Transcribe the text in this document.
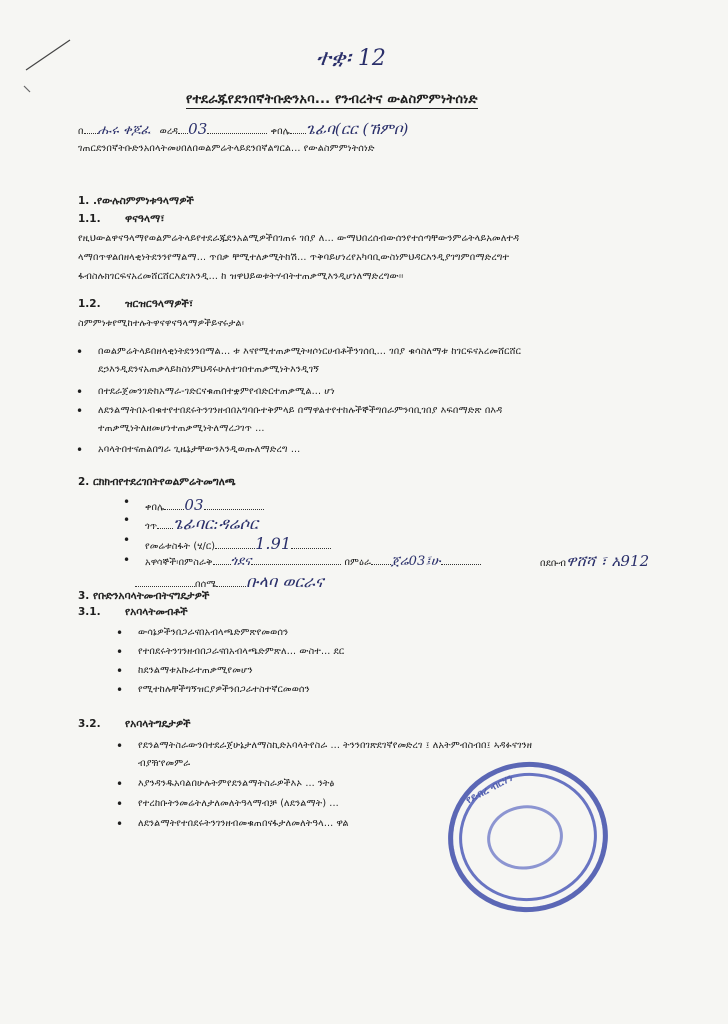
ተቋ፡ 12
የተደራጁየደንበኛትቡድንአባ... የንብረትና ውልስምምነትሰነድ
በ ሑሩ ቀጆፈ ወረዳ 03	ቀበሌ ጌፊባ(ርር (ኸምቦ)
ገጠርደንበኛትቡድንአበላትመሀበለበወልምሬትላይደንበኛልግርል... የውልስምምነትሰነድ
1. .የውሉስምምነቱዓላማዎች
1.1. ዋናዓላማ፣
የዚህውልዋናዓላማየወልምሬትላይየተደራጁደንአልሚዎችበገጠሩ ገበያ ለ... ውማህበረሰብውሰንየተሰጣቸውንምሬትላይአመለተዳ
ላማበጥዋልበዘላቂነትደንንየማልማ... ጥበቃ ቸሚተለቃሚትከሽ... ጥቅባይሆነረየአካባቢውስነምህዳርእንዲያገግምበማድረግተ
ፋብስሉክገርፍናአረመሸርሸርእደገእንዲ... ከ ዝዋህይወቱትሃብትተጠቃሚእንዲሆነለማድረግው፡፡
1.2. ዝርዝርዓላማዎች፣
ስምምነቱየሚከተሉትዋናዋናዓላማዎችይኖሩታል፡
• በወልምሬትላይበዘላቂነትደንንበማል... ቱ እናየሚተጠቃሚትዛሶነርሀብቶችንገሰቢ... ገበያ ቁሳስለማቱ ከገርፍናአረመሸርሸር
ደኃእንዲደንናአጠቃላይከስነምህዳሩሁለተገበተጠቃሚነትእንዲገኝ
• በተደራጀመንገድከአማራ-ገድርናቁጠበተቋምየብድርተጠቃሚል... ሆነ
• ለደንልማትበኦብቁተየተበደሩትንገንዘብበአግባቡተቅምላይ በማዋልተየተከሉችኞችግበራምንባቢገበያ እፍበማድጽ በእዳ
ተጠቃሚነትለዘመሆነተጠቃሚነትለማረጋገጥ ...
• አባላትበተናጠልበግራ ጊዜኔታቸውንእንዲወጡለማድረግ ...
2. ርክክብየተደረገበትየወልምሬትመግለጫ
• ቀበሌ 03
• ጎጥ ጌፊባር:ዳሬሶር
• የመሬቱስፋት (ሄ/ር)	1.91
• አዋሳኞች፡በምስራቅ ጎደና	በምዕራ ጀሬ03፤ሁ	በደቡብዋሸሻ ፣ አ912
በሰሜ ቡላባ ወርራና
3. የቡድንአባላትመብትናግዴታዎች
3.1. የአባላትመብቶች
• ውሳኔዎችንበጋራናበአብላጫድምጽየመወሰን
• የተበደሩትንገንዘብበጋራናበአብላጫድምጽለ... ውስተ... ደር
• ከደንልማቱአኩራተጠቃሚየመሆን
• የሚተከሉቸችግኝዝርያዎችንበጋራተስተኛርመወሰን
3.2. የአባላትግዴታዎች
• የደንልማትስራውንበተደራጀሁኔታለማስኪድአባላትየስራ ... ትንንበገጽደገኛየመድረገ ፤ ለአትምብስብበ፤ ኣዳፉናገንዘ
ብያዥየመምራ
• እያንዳንዱአባልበሁሉትምየደንልማትስራዎችእኦ ... ንትፅ
• የተረከቡትንመሬትለታለመለትዓላማብቻ (ለደንልማት) ...
• ለደንልማትየተበደሩትንገንዘብመቁጠበናፋታለመለትዓላ... ዋል
የደብረ ብርሃን
